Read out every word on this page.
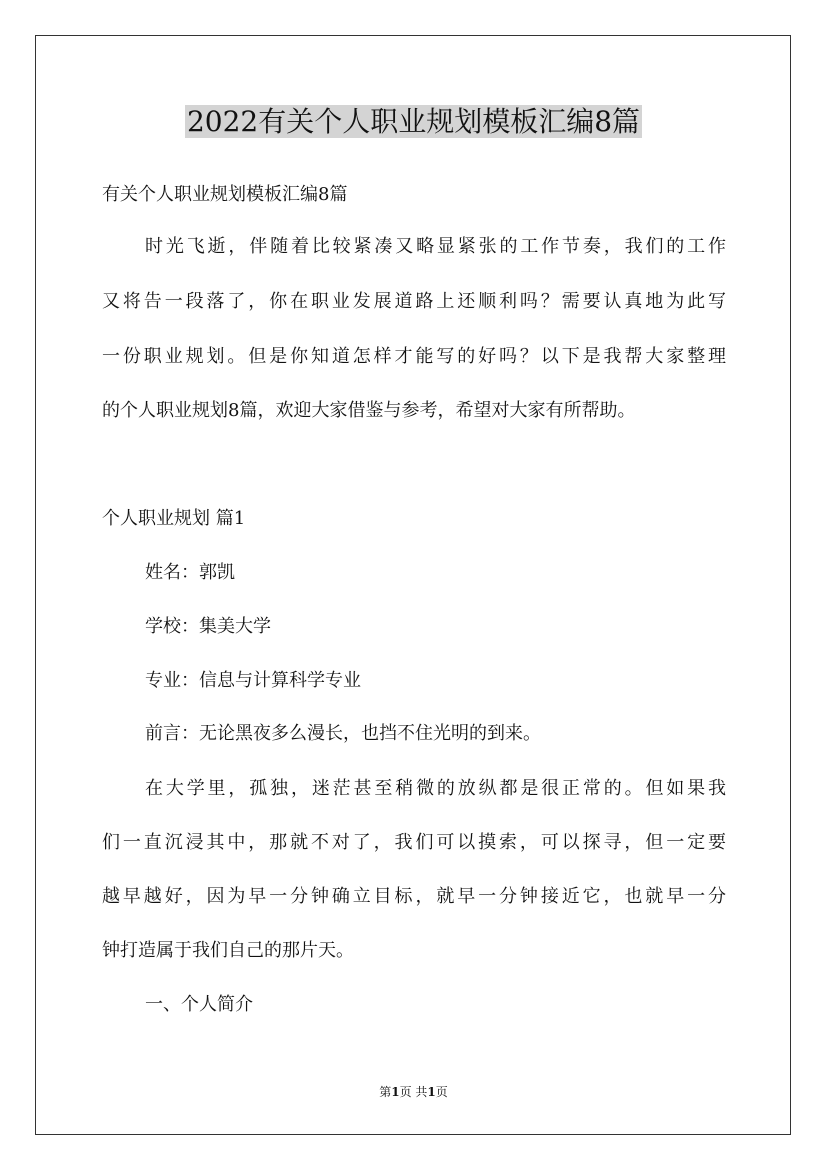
2022有关个人职业规划模板汇编8篇
有关个人职业规划模板汇编8篇
时光飞逝，伴随着比较紧凑又略显紧张的工作节奏，我们的工作
又将告一段落了，你在职业发展道路上还顺利吗？需要认真地为此写
一份职业规划。但是你知道怎样才能写的好吗？以下是我帮大家整理
的个人职业规划8篇，欢迎大家借鉴与参考，希望对大家有所帮助。
个人职业规划 篇1
姓名：郭凯
学校：集美大学
专业：信息与计算科学专业
前言：无论黑夜多么漫长，也挡不住光明的到来。
在大学里，孤独，迷茫甚至稍微的放纵都是很正常的。但如果我
们一直沉浸其中，那就不对了，我们可以摸索，可以探寻，但一定要
越早越好，因为早一分钟确立目标，就早一分钟接近它，也就早一分
钟打造属于我们自己的那片天。
一、个人简介
第1页 共1页
